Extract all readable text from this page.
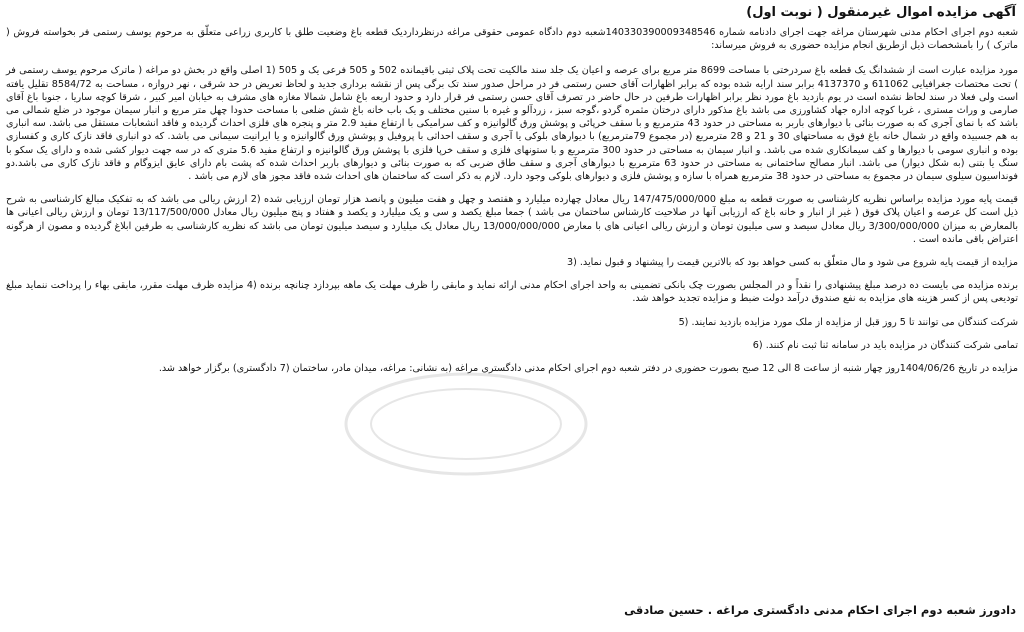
آگهی مزایده اموال غیرمنقول ( نوبت اول)
شعبه دوم اجرای احکام مدنی شهرستان مراغه جهت اجرای دادنامه شماره 140330390009348546شعبه دوم دادگاه عمومی حقوقی مراغه درنظرداردیک قطعه باغ وضعیت طلق با کاربری زراعی متعلّق به مرحوم یوسف رستمی فر بخواسته فروش ( ماترک ) را بامشخصات ذیل ازطریق انجام مزایده حضوری به فروش میرساند:
مورد مزایده عبارت است از ششدانگ یک قطعه باغ سردرختی با مساحت 8699 متر مربع برای عرصه و اعیان یک جلد سند مالکیت تحت پلاک ثبتی باقیمانده 502 و 505 فرعی یک و 505 (1 اصلی واقع در بخش دو مراغه ( ماترک مرحوم یوسف رستمی فر ) تحت مختصات جغرافیایی 611062 و 4137370 برابر سند ارایه شده بوده که برابر اظهارات آقای حسن رستمی فر در مراحل صدور سند تک برگی پس از نقشه برداری جدید و لحاظ تعریض در حد شرقی ، نهر دروازه ، مساحت به 8584/72 تقلیل یافته است ولی فعلا در سند لحاظ نشده است در یوم بازدید باغ مورد نظر برابر اظهارات طرفین در حال حاضر در تصرف آقای حسن رستمی فر قرار دارد و حدود اربعه باغ شامل شمالا مغازه های مشرف به خیابان امیر کبیر ، شرقا کوچه ساریا ، جنوبا باغ آقای صارمی و وراث مستری ، غربا کوچه اداره جهاد کشاورزی می باشد باغ مذکور دارای درختان مثمره گردو ،گوجه سبز ، زردآلو و غیره با سنین مختلف و یک باب خانه باغ شش ضلعی با مساحت حدودا چهل متر مربع و انبار سیمان موجود در ضلع شمالی می باشد که با نمای آجری که به صورت بنائی با دیوارهای باربر به مساحتی در حدود 43 مترمربع و با سقف خرپائی و پوشش ورق گالوانیزه و کف سرامیکی با ارتفاع مفید 2.9 متر و پنجره های فلزی احداث گردیده و فاقد انشعابات مستقل می باشد. سه انباری به هم جسبیده واقع در شمال خانه باغ فوق به مساحتهای 30 و 21 و 28 مترمربع (در مجموع 79مترمربع) با دیوارهای بلوکی یا آجری و سقف احداثی با پروفیل و پوشش ورق گالوانیزه و یا ایرانیت سیمانی می باشد. که دو انباری فاقد نازک کاری و کفسازی بوده و انباری سومی با دیوارها و کف سیمانکاری شده می باشد. و انبار سیمان به مساحتی در حدود 300 مترمربع و با ستونهای فلزی و سقف خرپا فلزی با پوشش ورق گالوانیزه و ارتفاع مفید 5.6 متری که در سه جهت دیوار کشی شده و دارای یک سکو با سنگ یا بتنی (به شکل دیوار) می باشد. انبار مصالح ساختمانی به مساحتی در حدود 63 مترمربع با دیوارهای آجری و سقف طاق ضربی که به صورت بنائی و دیوارهای باربر احداث شده که پشت بام دارای عایق ایزوگام و فاقد نازک کاری می باشد.دو فونداسیون سیلوی سیمان در مجموع به مساحتی در حدود 38 مترمربع همراه با سازه و پوشش فلزی و دیوارهای بلوکی وجود دارد. لازم به ذکر است که ساختمان های احداث شده فاقد مجوز های لازم می باشد .
قیمت پایه مورد مزایده براساس نظریه کارشناسی به صورت قطعه به مبلغ 147/475/000/000 ریال معادل چهارده میلیارد و هفتصد و چهل و هفت میلیون و پانصد هزار تومان ارزیابی شده (2 ارزش ریالی می باشد که به تفکیک مبالغ کارشناسی به شرح ذیل است کل عرصه و اعیان پلاک فوق ( غیر از انبار و خانه باغ که ارزیابی آنها در صلاحیت کارشناس ساختمان می باشد ) جمعا مبلغ یکصد و سی و یک میلیارد و یکصد و هفتاد و پنج میلیون ریال معادل 13/117/500/000 تومان و ارزش ریالی اعیانی ها بالمعارض به میزان 3/300/000/000 ریال معادل سیصد و سی میلیون تومان و ارزش ریالی اعیانی های با معارض 13/000/000/000 ریال معادل یک میلیارد و سیصد میلیون تومان می باشد که نظریه کارشناسی به طرفین ابلاغ گردیده و مصون از هرگونه اعتراض باقی مانده است .
مزایده از قیمت پایه شروع می شود و مال متعلّق به کسی خواهد بود که بالاترین قیمت را پیشنهاد و قبول نماید. (3
برنده مزایده می بایست ده درصد مبلغ پیشنهادی را نقداً و در المجلس بصورت چک بانکی تضمینی به واحد اجرای احکام مدنی ارائه نماید و مابقی را ظرف مهلت یک ماهه بپردازد چنانچه برنده (4 مزایده ظرف مهلت مقرر، مابقی بهاء را پرداخت ننماید مبلغ تودیعی پس از کسر هزینه های مزایده به نفع صندوق درآمد دولت ضبط و مزایده تجدید خواهد شد.
شرکت کنندگان می توانند تا 5 روز قبل از مزایده از ملک مورد مزایده بازدید نمایند. (5
تمامی شرکت کنندگان در مزایده باید در سامانه ثنا ثبت نام کنند. (6
مزایده در تاریخ 1404/06/26روز چهار شنبه از ساعت 8 الی 12 صبح بصورت حضوری در دفتر شعبه دوم اجرای احکام مدنی دادگستری مراغه (به نشانی: مراغه، میدان مادر، ساختمان (7 دادگستری) برگزار خواهد شد.
دادورز شعبه دوم اجرای احکام مدنی دادگستری مراغه . حسین صادقی
